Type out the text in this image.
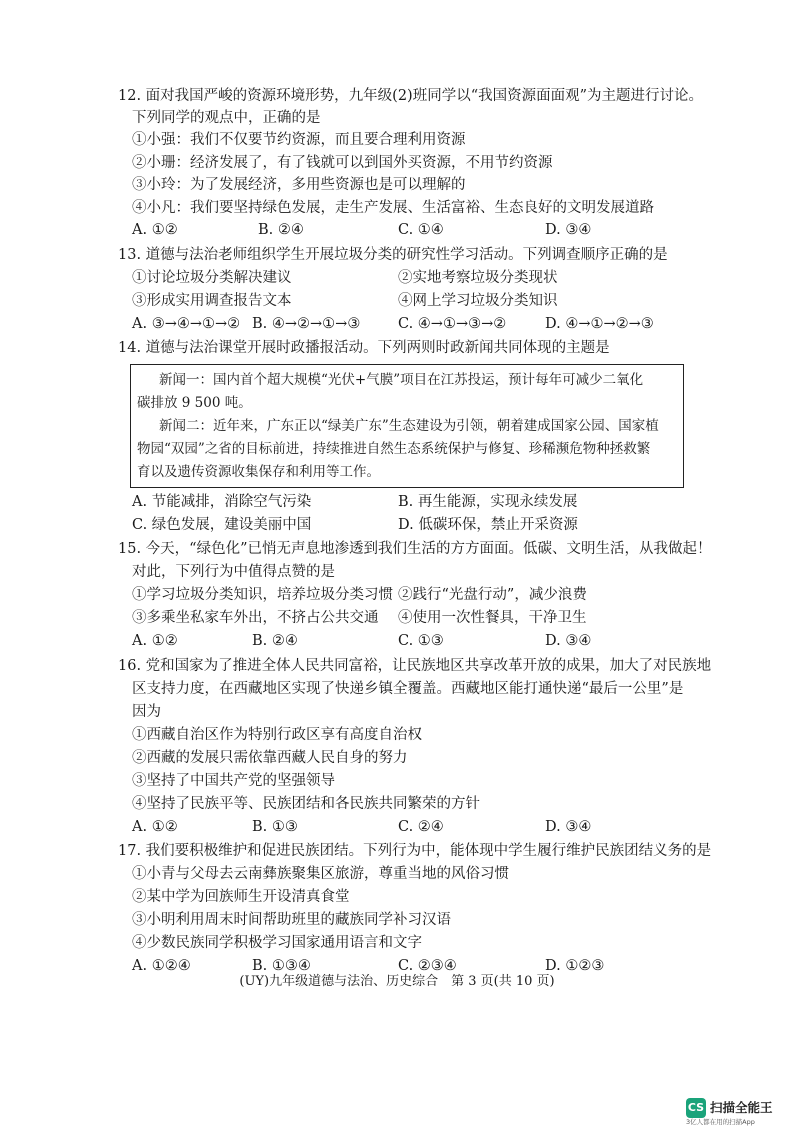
12. 面对我国严峻的资源环境形势，九年级(2)班同学以“我国资源面面观”为主题进行讨论。
下列同学的观点中，正确的是
①小强：我们不仅要节约资源，而且要合理利用资源
②小珊：经济发展了，有了钱就可以到国外买资源，不用节约资源
③小玲：为了发展经济，多用些资源也是可以理解的
④小凡：我们要坚持绿色发展，走生产发展、生活富裕、生态良好的文明发展道路
A. ①②	B. ②④	C. ①④	D. ③④
13. 道德与法治老师组织学生开展垃圾分类的研究性学习活动。下列调查顺序正确的是
①讨论垃圾分类解决建议	②实地考察垃圾分类现状
③形成实用调查报告文本	④网上学习垃圾分类知识
A. ③→④→①→② B. ④→②→①→③	C. ④→①→③→②	D. ④→①→②→③
14. 道德与法治课堂开展时政播报活动。下列两则时政新闻共同体现的主题是
新闻一：国内首个超大规模“光伏+气膜”项目在江苏投运，预计每年可减少二氧化
碳排放 9 500 吨。
新闻二：近年来，广东正以“绿美广东”生态建设为引领，朝着建成国家公园、国家植
物园“双园”之省的目标前进，持续推进自然生态系统保护与修复、珍稀濒危物种拯救繁
育以及遗传资源收集保存和利用等工作。
A. 节能减排，消除空气污染	B. 再生能源，实现永续发展
C. 绿色发展，建设美丽中国	D. 低碳环保，禁止开采资源
15. 今天，“绿色化”已悄无声息地渗透到我们生活的方方面面。低碳、文明生活，从我做起！
对此，下列行为中值得点赞的是
①学习垃圾分类知识，培养垃圾分类习惯 ②践行“光盘行动”，减少浪费
③多乘坐私家车外出，不挤占公共交通 ④使用一次性餐具，干净卫生
A. ①②	B. ②④	C. ①③	D. ③④
16. 党和国家为了推进全体人民共同富裕，让民族地区共享改革开放的成果，加大了对民族地
区支持力度，在西藏地区实现了快递乡镇全覆盖。西藏地区能打通快递“最后一公里”是
因为
①西藏自治区作为特别行政区享有高度自治权
②西藏的发展只需依靠西藏人民自身的努力
③坚持了中国共产党的坚强领导
④坚持了民族平等、民族团结和各民族共同繁荣的方针
A. ①②	B. ①③	C. ②④	D. ③④
17. 我们要积极维护和促进民族团结。下列行为中，能体现中学生履行维护民族团结义务的是
①小青与父母去云南彝族聚集区旅游，尊重当地的风俗习惯
②某中学为回族师生开设清真食堂
③小明利用周末时间帮助班里的藏族同学补习汉语
④少数民族同学积极学习国家通用语言和文字
A. ①②④	B. ①③④	C. ②③④	D. ①②③
(UY)九年级道德与法治、历史综合　第 3 页(共 10 页)
CS 扫描全能王
3亿人都在用的扫描App
